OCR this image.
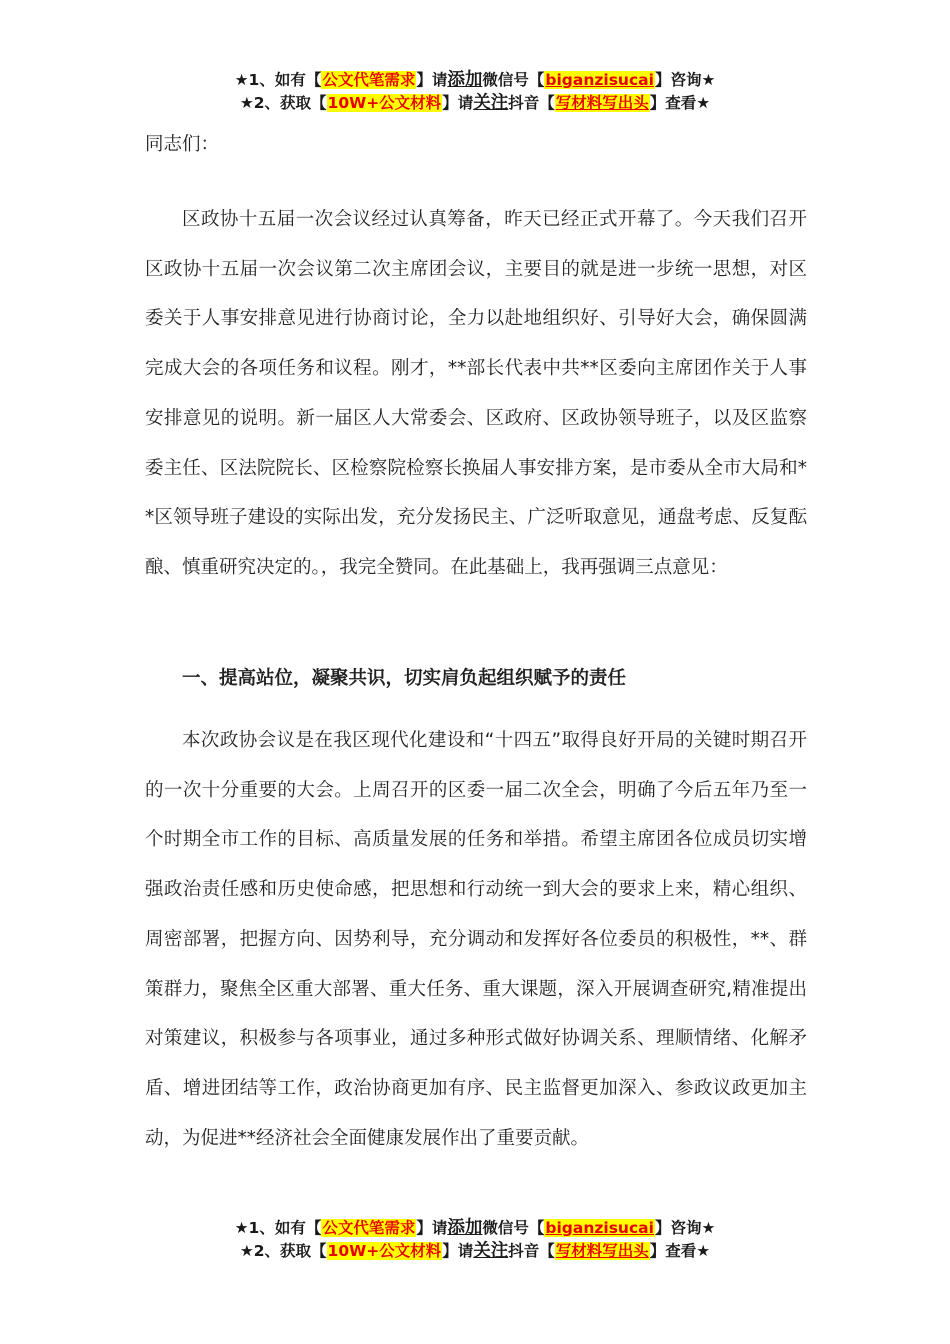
★1、如有【公文代笔需求】请添加微信号【biganzisucai】咨询★
★2、获取【10W+公文材料】请关注抖音【写材料写出头】查看★

同志们：

区政协十五届一次会议经过认真筹备，昨天已经正式开幕了。今天我们召开区政协十五届一次会议第二次主席团会议，主要目的就是进一步统一思想，对区委关于人事安排意见进行协商讨论，全力以赴地组织好、引导好大会，确保圆满完成大会的各项任务和议程。刚才，**部长代表中共**区委向主席团作关于人事安排意见的说明。新一届区人大常委会、区政府、区政协领导班子，以及区监察委主任、区法院院长、区检察院检察长换届人事安排方案，是市委从全市大局和**区领导班子建设的实际出发，充分发扬民主、广泛听取意见，通盘考虑、反复酝酿、慎重研究决定的。，我完全赞同。在此基础上，我再强调三点意见：

一、提高站位，凝聚共识，切实肩负起组织赋予的责任

本次政协会议是在我区现代化建设和“十四五”取得良好开局的关键时期召开的一次十分重要的大会。上周召开的区委一届二次全会，明确了今后五年乃至一个时期全市工作的目标、高质量发展的任务和举措。希望主席团各位成员切实增强政治责任感和历史使命感，把思想和行动统一到大会的要求上来，精心组织、周密部署，把握方向、因势利导，充分调动和发挥好各位委员的积极性，**、群策群力，聚焦全区重大部署、重大任务、重大课题，深入开展调查研究,精准提出对策建议，积极参与各项事业，通过多种形式做好协调关系、理顺情绪、化解矛盾、增进团结等工作，政治协商更加有序、民主监督更加深入、参政议政更加主动，为促进**经济社会全面健康发展作出了重要贡献。

★1、如有【公文代笔需求】请添加微信号【biganzisucai】咨询★
★2、获取【10W+公文材料】请关注抖音【写材料写出头】查看★
